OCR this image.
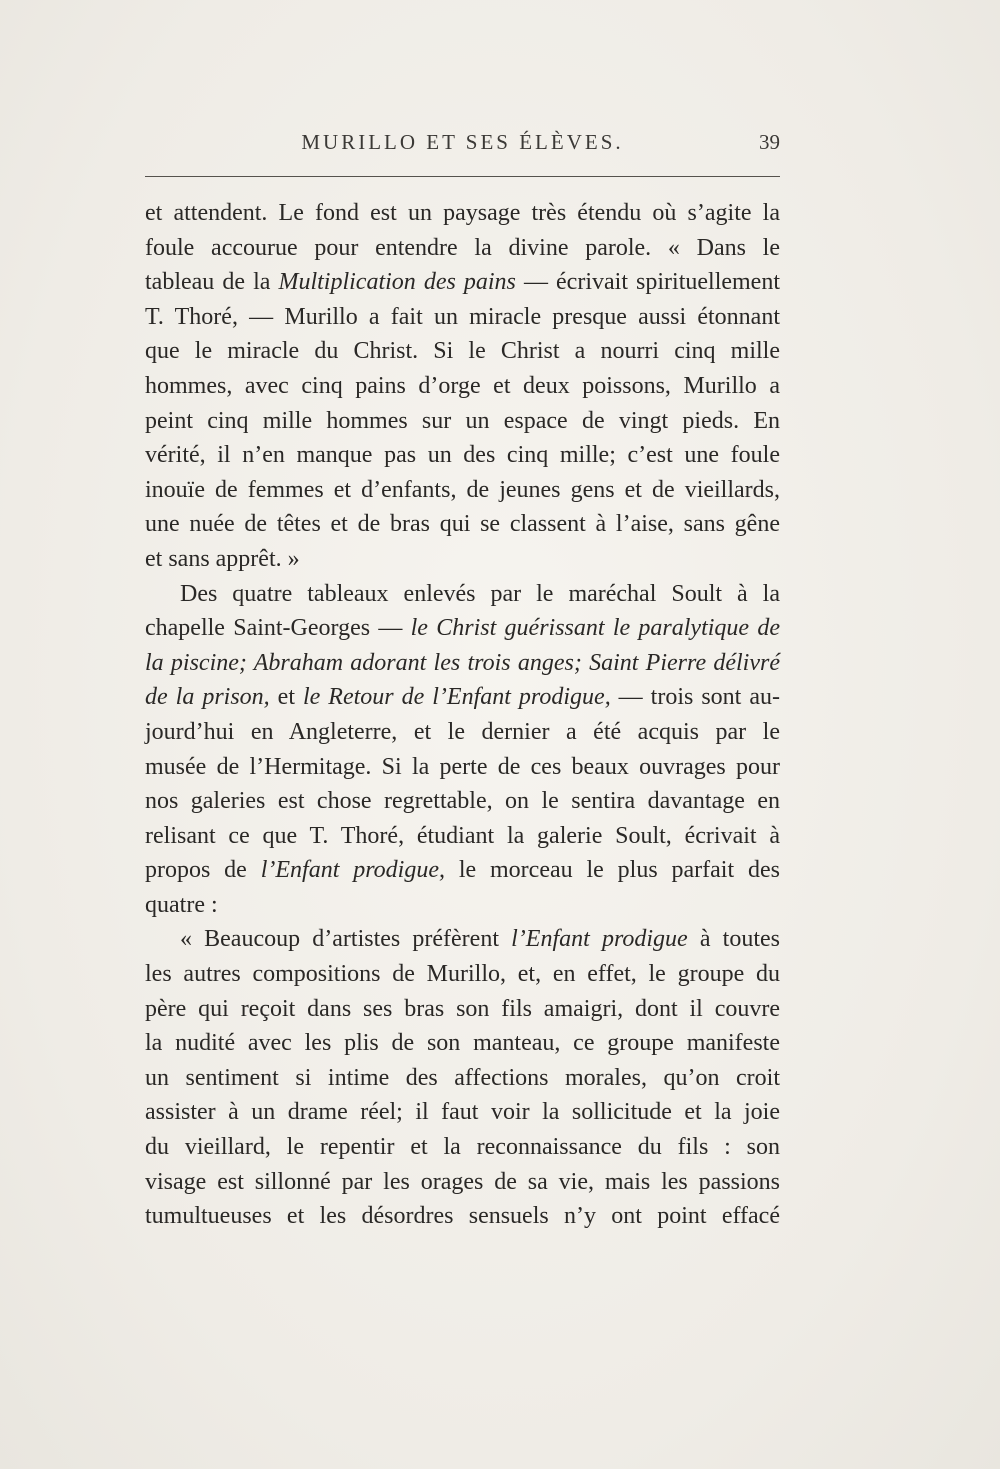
MURILLO ET SES ÉLÈVES.	39
et attendent. Le fond est un paysage très étendu où s’agite la
foule accourue pour entendre la divine parole. « Dans le
tableau de la Multiplication des pains — écrivait spirituellement
T. Thoré, — Murillo a fait un miracle presque aussi étonnant
que le miracle du Christ. Si le Christ a nourri cinq mille
hommes, avec cinq pains d’orge et deux poissons, Murillo a
peint cinq mille hommes sur un espace de vingt pieds. En
vérité, il n’en manque pas un des cinq mille; c’est une foule
inouïe de femmes et d’enfants, de jeunes gens et de vieillards,
une nuée de têtes et de bras qui se classent à l’aise, sans gêne
et sans apprêt. »
Des quatre tableaux enlevés par le maréchal Soult à la
chapelle Saint-Georges — le Christ guérissant le paralytique de
la piscine; Abraham adorant les trois anges; Saint Pierre délivré
de la prison, et le Retour de l’Enfant prodigue, — trois sont au-
jourd’hui en Angleterre, et le dernier a été acquis par le
musée de l’Hermitage. Si la perte de ces beaux ouvrages pour
nos galeries est chose regrettable, on le sentira davantage en
relisant ce que T. Thoré, étudiant la galerie Soult, écrivait à
propos de l’Enfant prodigue, le morceau le plus parfait des
quatre :
« Beaucoup d’artistes préfèrent l’Enfant prodigue à toutes
les autres compositions de Murillo, et, en effet, le groupe du
père qui reçoit dans ses bras son fils amaigri, dont il couvre
la nudité avec les plis de son manteau, ce groupe manifeste
un sentiment si intime des affections morales, qu’on croit
assister à un drame réel; il faut voir la sollicitude et la joie
du vieillard, le repentir et la reconnaissance du fils : son
visage est sillonné par les orages de sa vie, mais les passions
tumultueuses et les désordres sensuels n’y ont point effacé
